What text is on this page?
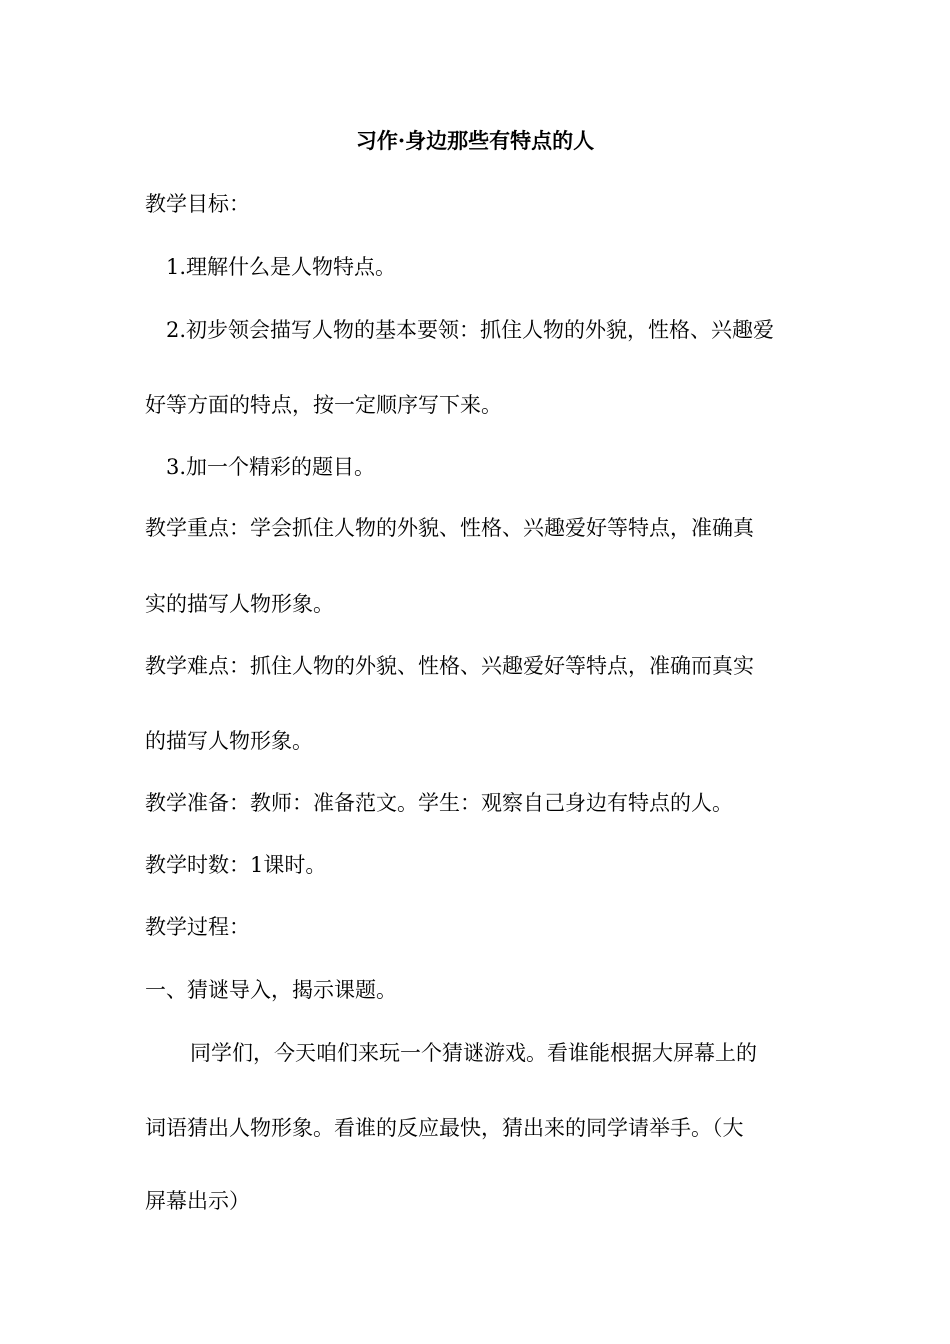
习作·身边那些有特点的人
教学目标：
1.理解什么是人物特点。
2.初步领会描写人物的基本要领：抓住人物的外貌，性格、兴趣爱
好等方面的特点，按一定顺序写下来。
3.加一个精彩的题目。
教学重点：学会抓住人物的外貌、性格、兴趣爱好等特点，准确真
实的描写人物形象。
教学难点：抓住人物的外貌、性格、兴趣爱好等特点，准确而真实
的描写人物形象。
教学准备：教师：准备范文。学生：观察自己身边有特点的人。
教学时数：1课时。
教学过程：
一、猜谜导入，揭示课题。
同学们，今天咱们来玩一个猜谜游戏。看谁能根据大屏幕上的
词语猜出人物形象。看谁的反应最快，猜出来的同学请举手。（大
屏幕出示）
